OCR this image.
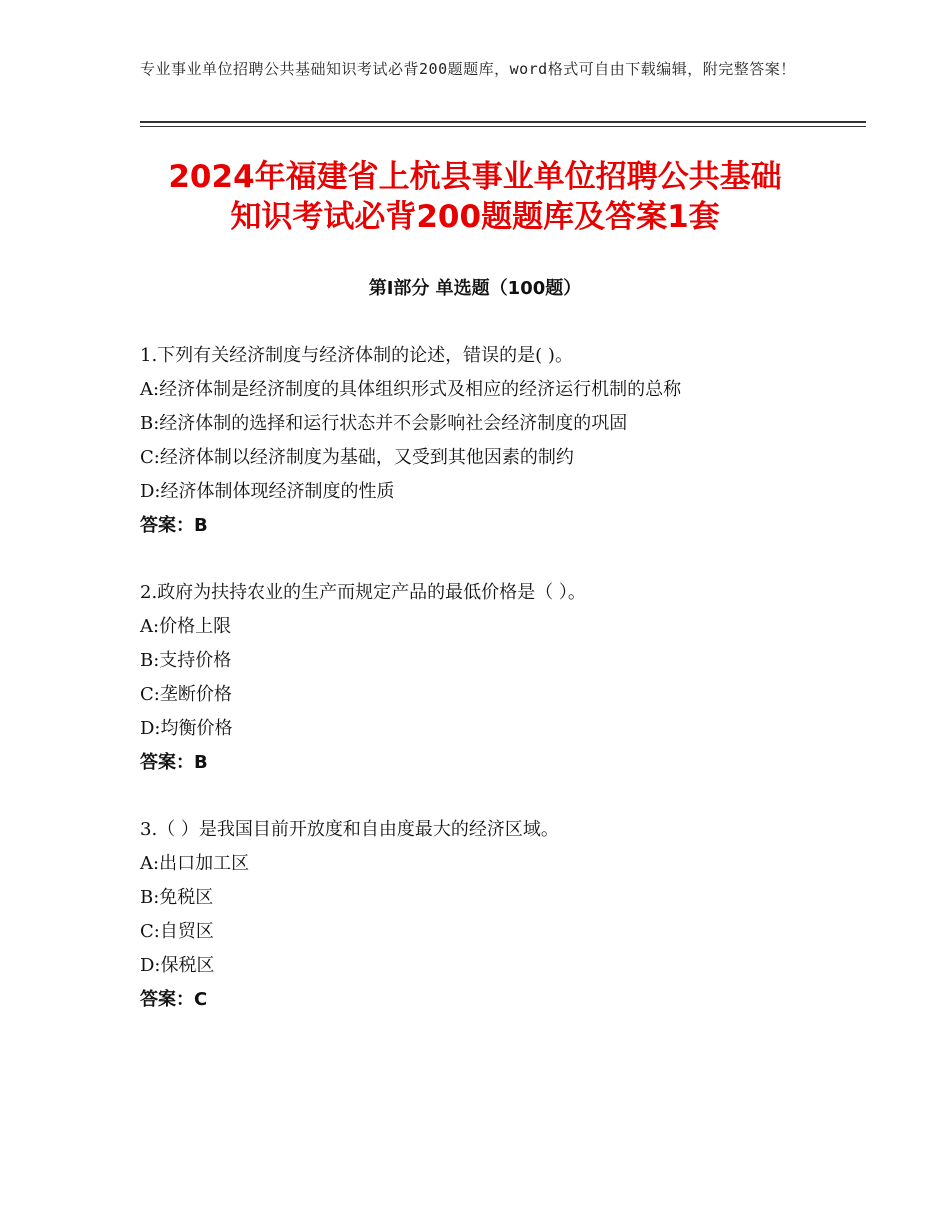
专业事业单位招聘公共基础知识考试必背200题题库，word格式可自由下载编辑，附完整答案！
2024年福建省上杭县事业单位招聘公共基础
知识考试必背200题题库及答案1套
第I部分 单选题（100题）
1.下列有关经济制度与经济体制的论述，错误的是( )。
A:经济体制是经济制度的具体组织形式及相应的经济运行机制的总称
B:经济体制的选择和运行状态并不会影响社会经济制度的巩固
C:经济体制以经济制度为基础，又受到其他因素的制约
D:经济体制体现经济制度的性质
答案：B
2.政府为扶持农业的生产而规定产品的最低价格是（ ）。
A:价格上限
B:支持价格
C:垄断价格
D:均衡价格
答案：B
3.（ ）是我国目前开放度和自由度最大的经济区域。
A:出口加工区
B:免税区
C:自贸区
D:保税区
答案：C
